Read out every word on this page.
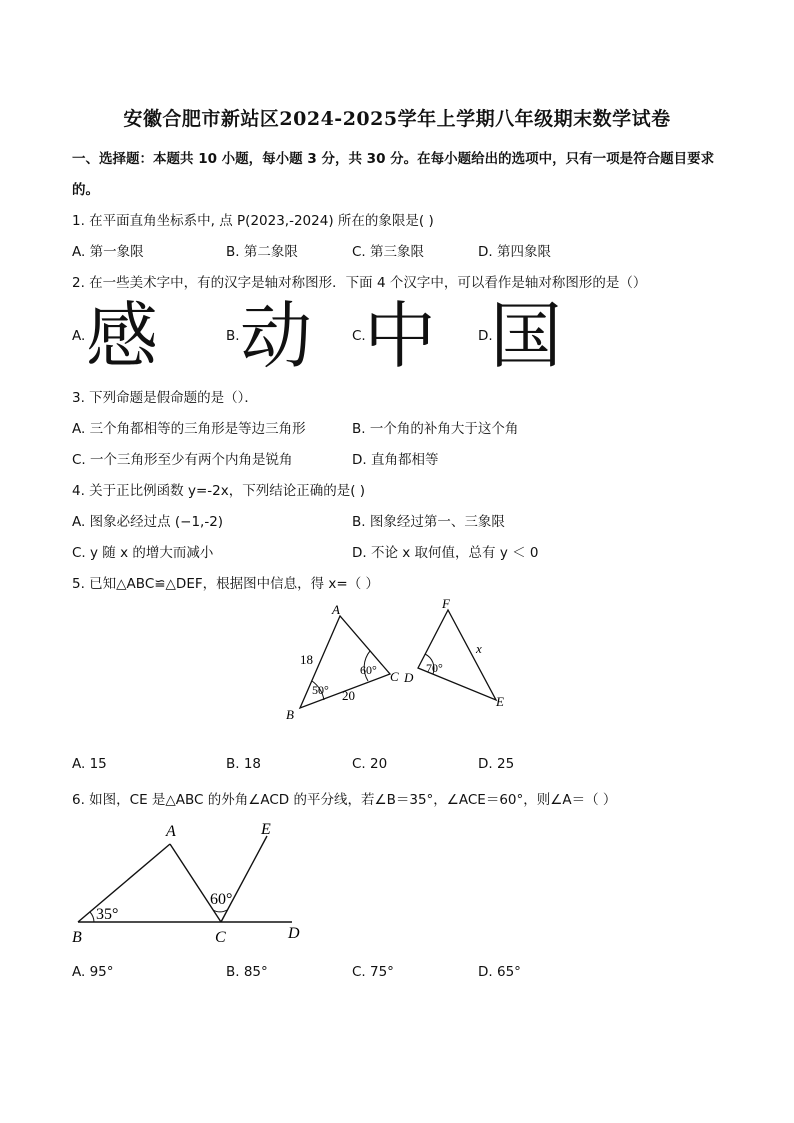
安徽合肥市新站区2024-2025学年上学期八年级期末数学试卷
一、选择题：本题共 10 小题，每小题 3 分，共 30 分。在每小题给出的选项中，只有一项是符合题目要求
的。
1. 在平面直角坐标系中, 点 P(2023,-2024) 所在的象限是( )
A. 第一象限	B. 第二象限	C. 第三象限	D. 第四象限
2. 在一些美术字中，有的汉字是轴对称图形．下面 4 个汉字中，可以看作是轴对称图形的是（）
A. 感	B. 动	C.
中	D.
国
3. 下列命题是假命题的是（）．
A. 三个角都相等的三角形是等边三角形	B. 一个角的补角大于这个角
C. 一个三角形至少有两个内角是锐角	D. 直角都相等
4. 关于正比例函数 y=-2x，下列结论正确的是( )
A. 图象必经过点 (−1,-2)	B. 图象经过第一、三象限
C. y 随 x 的增大而减小	D. 不论 x 取何值，总有 y ＜ 0
5. 已知△ABC≌△DEF，根据图中信息，得 x=（ ）
A
B
C
18
60°
50° 20
F
D
E
x
70°
A. 15	B. 18	C. 20	D. 25
6. 如图，CE 是△ABC 的外角∠ACD 的平分线，若∠B＝35°，∠ACE＝60°，则∠A＝（ ）
A	E
60°
35°
B	C	D
A. 95°	B. 85°	C. 75°	D. 65°
